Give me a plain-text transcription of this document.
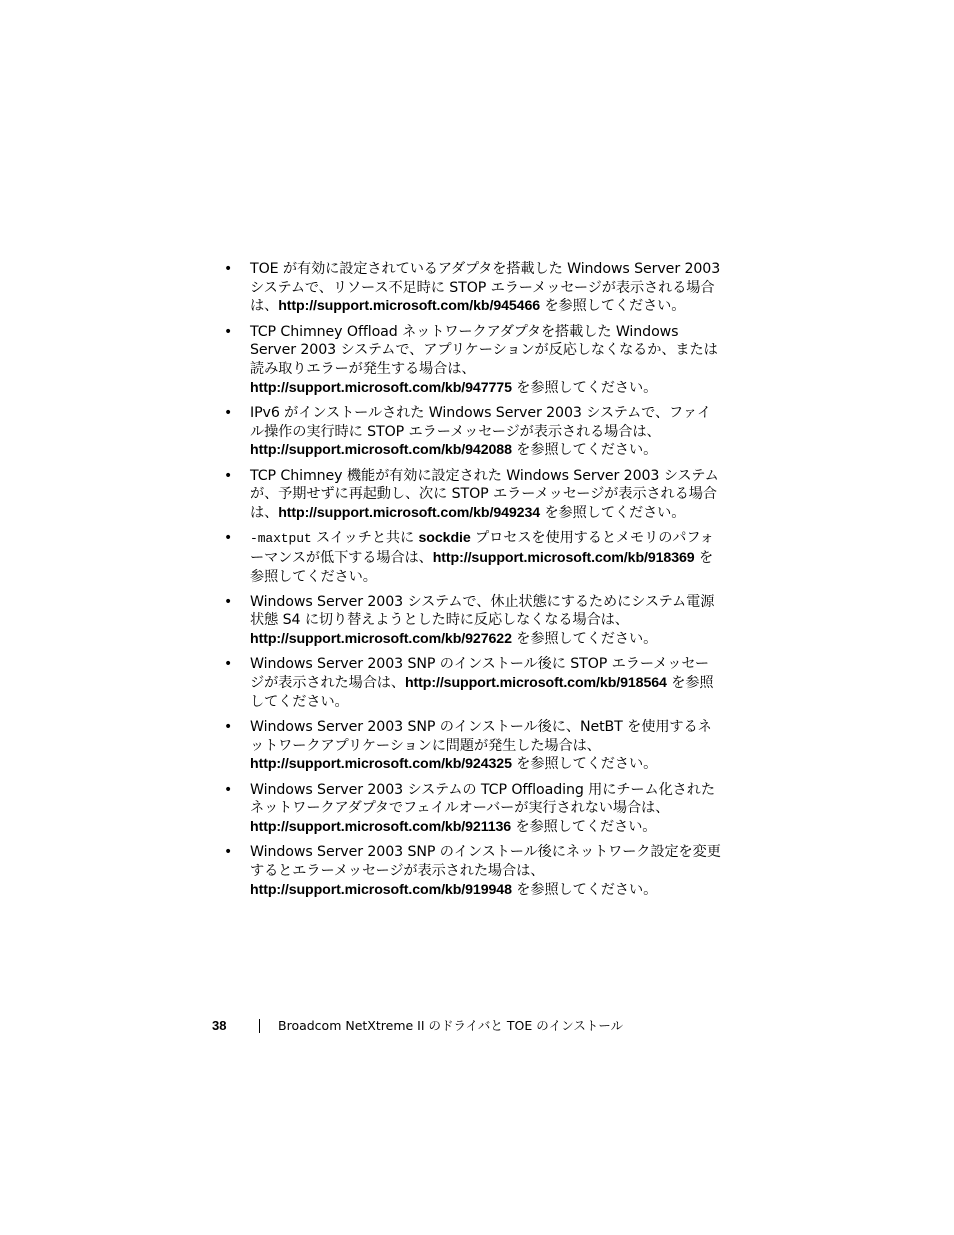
• TOE が有効に設定されているアダプタを搭載した Windows Server 2003 システムで、リソース不足時に STOP エラーメッセージが表示される場合は、http://support.microsoft.com/kb/945466 を参照してください。
• TCP Chimney Offload ネットワークアダプタを搭載した Windows Server 2003 システムで、アプリケーションが反応しなくなるか、または読み取りエラーが発生する場合は、http://support.microsoft.com/kb/947775 を参照してください。
• IPv6 がインストールされた Windows Server 2003 システムで、ファイル操作の実行時に STOP エラーメッセージが表示される場合は、http://support.microsoft.com/kb/942088 を参照してください。
• TCP Chimney 機能が有効に設定された Windows Server 2003 システムが、予期せずに再起動し、次に STOP エラーメッセージが表示される場合は、http://support.microsoft.com/kb/949234 を参照してください。
• -maxtput スイッチと共に sockdie プロセスを使用するとメモリのパフォーマンスが低下する場合は、http://support.microsoft.com/kb/918369 を参照してください。
• Windows Server 2003 システムで、休止状態にするためにシステム電源状態 S4 に切り替えようとした時に反応しなくなる場合は、http://support.microsoft.com/kb/927622 を参照してください。
• Windows Server 2003 SNP のインストール後に STOP エラーメッセージが表示された場合は、http://support.microsoft.com/kb/918564 を参照してください。
• Windows Server 2003 SNP のインストール後に、NetBT を使用するネットワークアプリケーションに問題が発生した場合は、http://support.microsoft.com/kb/924325 を参照してください。
• Windows Server 2003 システムの TCP Offloading 用にチーム化されたネットワークアダプタでフェイルオーバーが実行されない場合は、http://support.microsoft.com/kb/921136 を参照してください。
• Windows Server 2003 SNP のインストール後にネットワーク設定を変更するとエラーメッセージが表示された場合は、http://support.microsoft.com/kb/919948 を参照してください。
38	Broadcom NetXtreme II のドライバと TOE のインストール
